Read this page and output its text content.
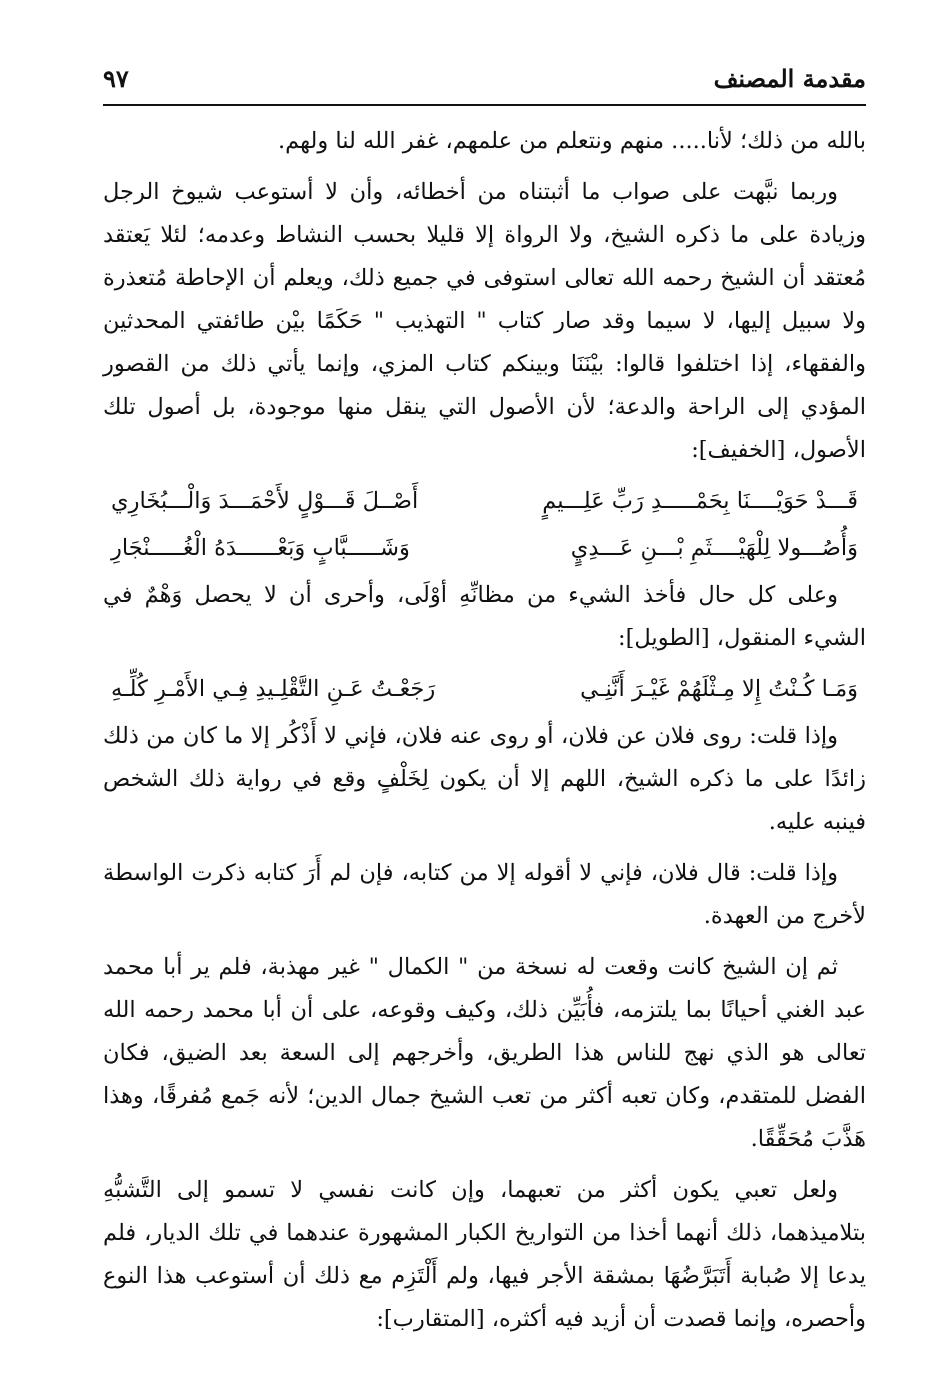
مقدمة المصنف
٩٧

بالله من ذلك؛ لأنا..... منهم ونتعلم من علمهم، غفر الله لنا ولهم.

وربما نبَّهت على صواب ما أثبتناه من أخطائه، وأن لا أستوعب شيوخ الرجل وزيادة على ما ذكره الشيخ، ولا الرواة إلا قليلا بحسب النشاط وعدمه؛ لئلا يَعتقد مُعتقد أن الشيخ رحمه الله تعالى استوفى في جميع ذلك، ويعلم أن الإحاطة مُتعذرة ولا سبيل إليها، لا سيما وقد صار كتاب " التهذيب " حَكَمًا بيْن طائفتي المحدثين والفقهاء، إذا اختلفوا قالوا: بيْنَنَا وبينكم كتاب المزي، وإنما يأتي ذلك من القصور المؤدي إلى الراحة والدعة؛ لأن الأصول التي ينقل منها موجودة، بل أصول تلك الأصول، [الخفيف]:

قَـــدْ حَوَيْــــنَا بِحَمْـــــدِ رَبِّ عَلِـــيمٍ
أَصْــلَ قَـــوْلٍ لأَحْمَـــدَ وَالْـــبُخَارِي
وَأُصُـــولا لِلْهَيْــــثَمِ بْـــنِ عَـــدِيٍ
وَشَـــــبَّابٍ وَبَعْــــــدَهُ الْغُـــــنْجَارِ

وعلى كل حال فأخذ الشيء من مظانِّهِ أوْلَى، وأحرى أن لا يحصل وَهْمٌ في الشيء المنقول، [الطويل]:

وَمَـا كُـنْتُ إِلا مِـثْلَهُمْ غَيْـرَ أَنَّنِـي
رَجَعْـتُ عَـنِ التَّقْلِـيدِ فِـي الأَمْـرِ كُلِّـهِ

وإذا قلت: روى فلان عن فلان، أو روى عنه فلان، فإني لا أَذْكُر إلا ما كان من ذلك زائدًا على ما ذكره الشيخ، اللهم إلا أن يكون لِخَلْفٍ وقع في رواية ذلك الشخص فينبه عليه.

وإذا قلت: قال فلان، فإني لا أقوله إلا من كتابه، فإن لم أَرَ كتابه ذكرت الواسطة لأخرج من العهدة.

ثم إن الشيخ كانت وقعت له نسخة من " الكمال " غير مهذبة، فلم ير أبا محمد عبد الغني أحيانًا بما يلتزمه، فأُبَيِّن ذلك، وكيف وقوعه، على أن أبا محمد رحمه الله تعالى هو الذي نهج للناس هذا الطريق، وأخرجهم إلى السعة بعد الضيق، فكان الفضل للمتقدم، وكان تعبه أكثر من تعب الشيخ جمال الدين؛ لأنه جَمع مُفرقًا، وهذا هَذَّبَ مُحَقِّقًا.

ولعل تعبي يكون أكثر من تعبهما، وإن كانت نفسي لا تسمو إلى التَّشبُّهِ بتلاميذهما، ذلك أنهما أخذا من التواريخ الكبار المشهورة عندهما في تلك الديار، فلم يدعا إلا صُبابة أَتَبَرَّضُهَا بمشقة الأجر فيها، ولم أَلْتَزِم مع ذلك أن أستوعب هذا النوع وأحصره، وإنما قصدت أن أزيد فيه أكثره، [المتقارب]:
